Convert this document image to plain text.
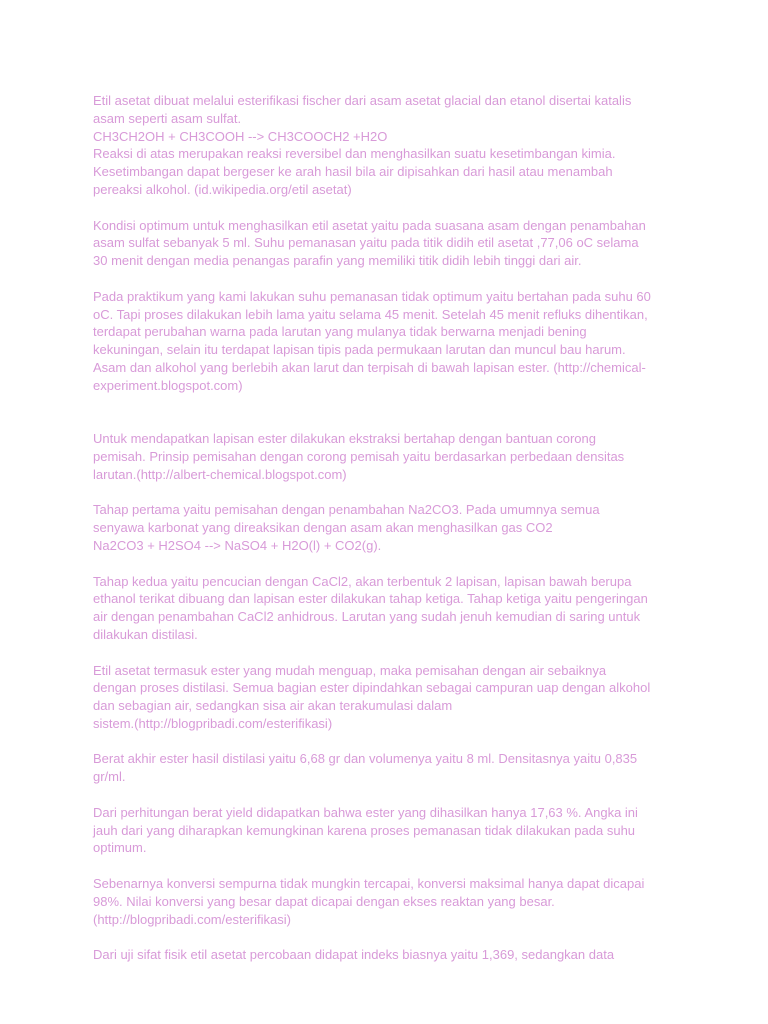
Etil asetat dibuat melalui esterifikasi fischer dari asam asetat glacial dan etanol disertai katalis
asam seperti asam sulfat.
CH3CH2OH + CH3COOH --> CH3COOCH2 +H2O
Reaksi di atas merupakan reaksi reversibel dan menghasilkan suatu kesetimbangan kimia.
Kesetimbangan dapat bergeser ke arah hasil bila air dipisahkan dari hasil atau menambah
pereaksi alkohol. (id.wikipedia.org/etil asetat)

Kondisi optimum untuk menghasilkan etil asetat yaitu pada suasana asam dengan penambahan
asam sulfat sebanyak 5 ml. Suhu pemanasan yaitu pada titik didih etil asetat ,77,06 oC selama
30 menit dengan media penangas parafin yang memiliki titik didih lebih tinggi dari air.

Pada praktikum yang kami lakukan suhu pemanasan tidak optimum yaitu bertahan pada suhu 60
oC. Tapi proses dilakukan lebih lama yaitu selama 45 menit. Setelah 45 menit refluks dihentikan,
terdapat perubahan warna pada larutan yang mulanya tidak berwarna menjadi bening
kekuningan, selain itu terdapat lapisan tipis pada permukaan larutan dan muncul bau harum.
Asam dan alkohol yang berlebih akan larut dan terpisah di bawah lapisan ester. (http://chemical-
experiment.blogspot.com)

Untuk mendapatkan lapisan ester dilakukan ekstraksi bertahap dengan bantuan corong
pemisah. Prinsip pemisahan dengan corong pemisah yaitu berdasarkan perbedaan densitas
larutan.(http://albert-chemical.blogspot.com)

Tahap pertama yaitu pemisahan dengan penambahan Na2CO3. Pada umumnya semua
senyawa karbonat yang direaksikan dengan asam akan menghasilkan gas CO2
Na2CO3 + H2SO4 --> NaSO4 + H2O(l) + CO2(g).

Tahap kedua yaitu pencucian dengan CaCl2, akan terbentuk 2 lapisan, lapisan bawah berupa
ethanol terikat dibuang dan lapisan ester dilakukan tahap ketiga. Tahap ketiga yaitu pengeringan
air dengan penambahan CaCl2 anhidrous. Larutan yang sudah jenuh kemudian di saring untuk
dilakukan distilasi.

Etil asetat termasuk ester yang mudah menguap, maka pemisahan dengan air sebaiknya
dengan proses distilasi. Semua bagian ester dipindahkan sebagai campuran uap dengan alkohol
dan sebagian air, sedangkan sisa air akan terakumulasi dalam
sistem.(http://blogpribadi.com/esterifikasi)

Berat akhir ester hasil distilasi yaitu 6,68 gr dan volumenya yaitu 8 ml. Densitasnya yaitu 0,835
gr/ml.

Dari perhitungan berat yield didapatkan bahwa ester yang dihasilkan hanya 17,63 %. Angka ini
jauh dari yang diharapkan kemungkinan karena proses pemanasan tidak dilakukan pada suhu
optimum.

Sebenarnya konversi sempurna tidak mungkin tercapai, konversi maksimal hanya dapat dicapai
98%. Nilai konversi yang besar dapat dicapai dengan ekses reaktan yang besar.
(http://blogpribadi.com/esterifikasi)

Dari uji sifat fisik etil asetat percobaan didapat indeks biasnya yaitu 1,369, sedangkan data
